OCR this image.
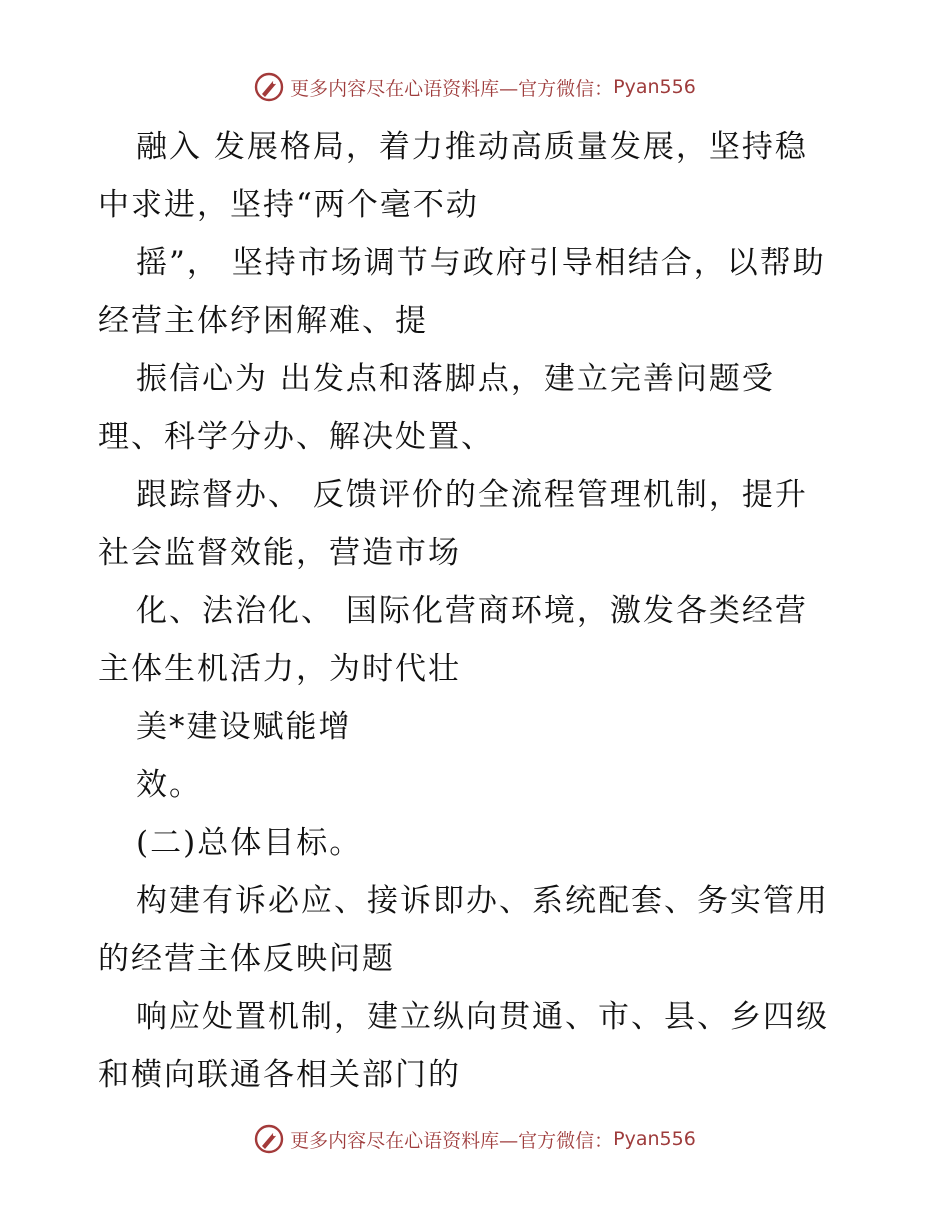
更多内容尽在心语资料库—官方微信： Pyan556
融入 发展格局，着力推动高质量发展，坚持稳
中求进，坚持“两个毫不动
摇”， 坚持市场调节与政府引导相结合，以帮助
经营主体纾困解难、提
振信心为 出发点和落脚点，建立完善问题受
理、科学分办、解决处置、
跟踪督办、 反馈评价的全流程管理机制，提升
社会监督效能，营造市场
化、法治化、 国际化营商环境，激发各类经营
主体生机活力，为时代壮
美*建设赋能增
效。
(二)总体目标。
构建有诉必应、接诉即办、系统配套、务实管用
的经营主体反映问题
响应处置机制，建立纵向贯通、市、县、乡四级
和横向联通各相关部门的
更多内容尽在心语资料库—官方微信： Pyan556
